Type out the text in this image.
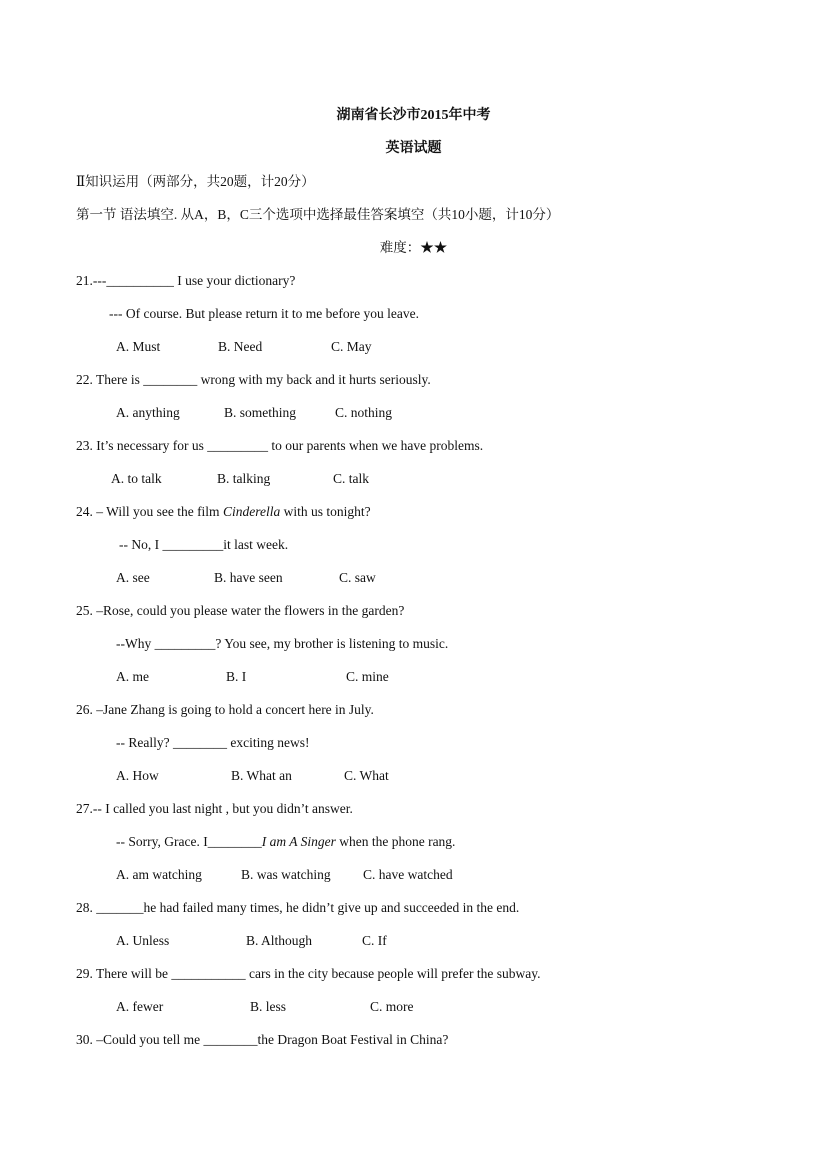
湖南省长沙市2015年中考
英语试题
Ⅱ知识运用（两部分，共20题，计20分）
第一节 语法填空. 从A，B，C三个选项中选择最佳答案填空（共10小题，计10分）
难度：★★
21.---__________ I use your dictionary?
--- Of course. But please return it to me before you leave.
A. Must	B. Need	C. May
22. There is ________ wrong with my back and it hurts seriously.
A. anything	B. something	C. nothing
23. It’s necessary for us _________ to our parents when we have problems.
A. to talk	B. talking	C. talk
24. – Will you see the film Cinderella with us tonight?
-- No, I _________it last week.
A. see	B. have seen	C. saw
25. –Rose, could you please water the flowers in the garden?
--Why _________? You see, my brother is listening to music.
A. me	B. I	C. mine
26. –Jane Zhang is going to hold a concert here in July.
-- Really? ________ exciting news!
A. How	B. What an	C. What
27.-- I called you last night , but you didn’t answer.
-- Sorry, Grace. I________I am A Singer when the phone rang.
A. am watching	B. was watching C. have watched
28. _______he had failed many times, he didn’t give up and succeeded in the end.
A. Unless	B. Although	C. If
29. There will be ___________ cars in the city because people will prefer the subway.
A. fewer	B. less	C. more
30. –Could you tell me ________the Dragon Boat Festival in China?
